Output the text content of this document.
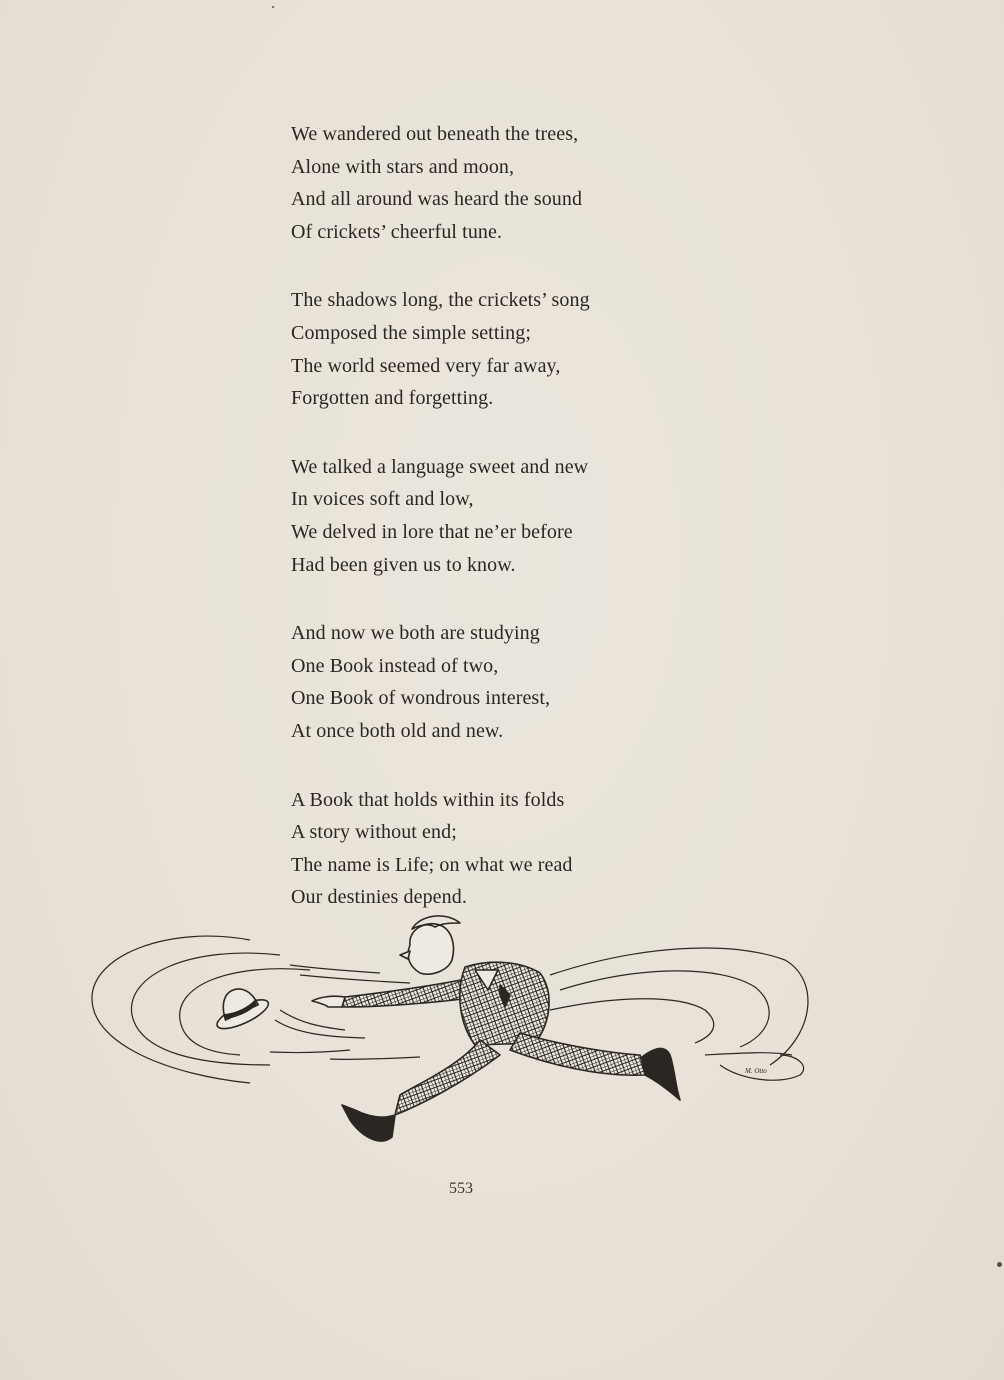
We wandered out beneath the trees,
Alone with stars and moon,
And all around was heard the sound
Of crickets’ cheerful tune.
The shadows long, the crickets’ song
Composed the simple setting;
The world seemed very far away,
Forgotten and forgetting.
We talked a language sweet and new
In voices soft and low,
We delved in lore that ne’er before
Had been given us to know.
And now we both are studying
One Book instead of two,
One Book of wondrous interest,
At once both old and new.
A Book that holds within its folds
A story without end;
The name is Life; on what we read
Our destinies depend.
M. Otto
553
